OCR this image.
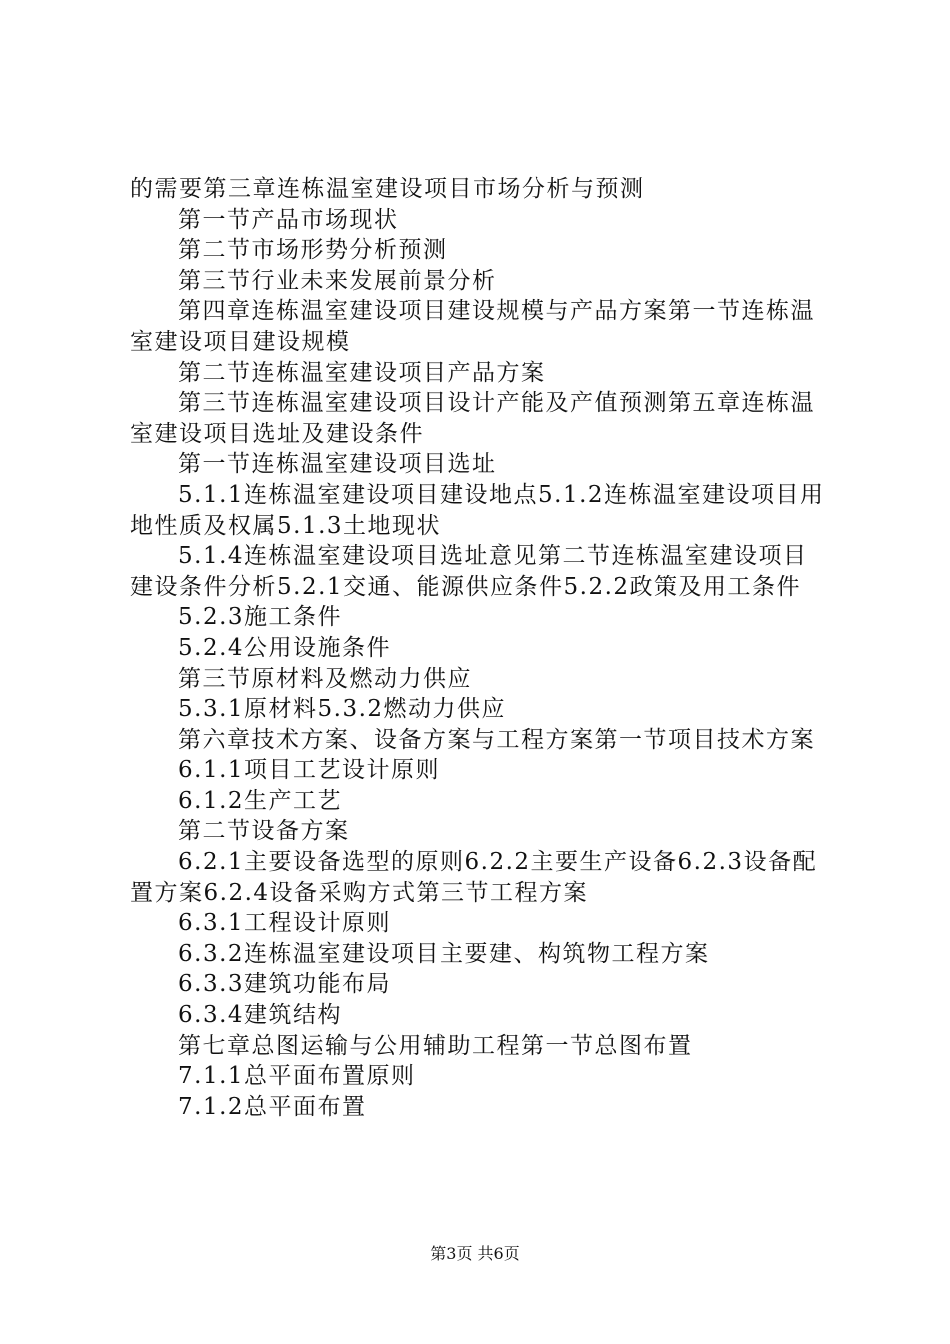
的需要第三章连栋温室建设项目市场分析与预测

第一节产品市场现状

第二节市场形势分析预测

第三节行业未来发展前景分析

第四章连栋温室建设项目建设规模与产品方案第一节连栋温室建设项目建设规模

第二节连栋温室建设项目产品方案

第三节连栋温室建设项目设计产能及产值预测第五章连栋温室建设项目选址及建设条件

第一节连栋温室建设项目选址

5.1.1连栋温室建设项目建设地点5.1.2连栋温室建设项目用地性质及权属5.1.3土地现状

5.1.4连栋温室建设项目选址意见第二节连栋温室建设项目建设条件分析5.2.1交通、能源供应条件5.2.2政策及用工条件

5.2.3施工条件

5.2.4公用设施条件

第三节原材料及燃动力供应

5.3.1原材料5.3.2燃动力供应

第六章技术方案、设备方案与工程方案第一节项目技术方案

6.1.1项目工艺设计原则

6.1.2生产工艺

第二节设备方案

6.2.1主要设备选型的原则6.2.2主要生产设备6.2.3设备配置方案6.2.4设备采购方式第三节工程方案

6.3.1工程设计原则

6.3.2连栋温室建设项目主要建、构筑物工程方案

6.3.3建筑功能布局

6.3.4建筑结构

第七章总图运输与公用辅助工程第一节总图布置

7.1.1总平面布置原则

7.1.2总平面布置

第3页 共6页
